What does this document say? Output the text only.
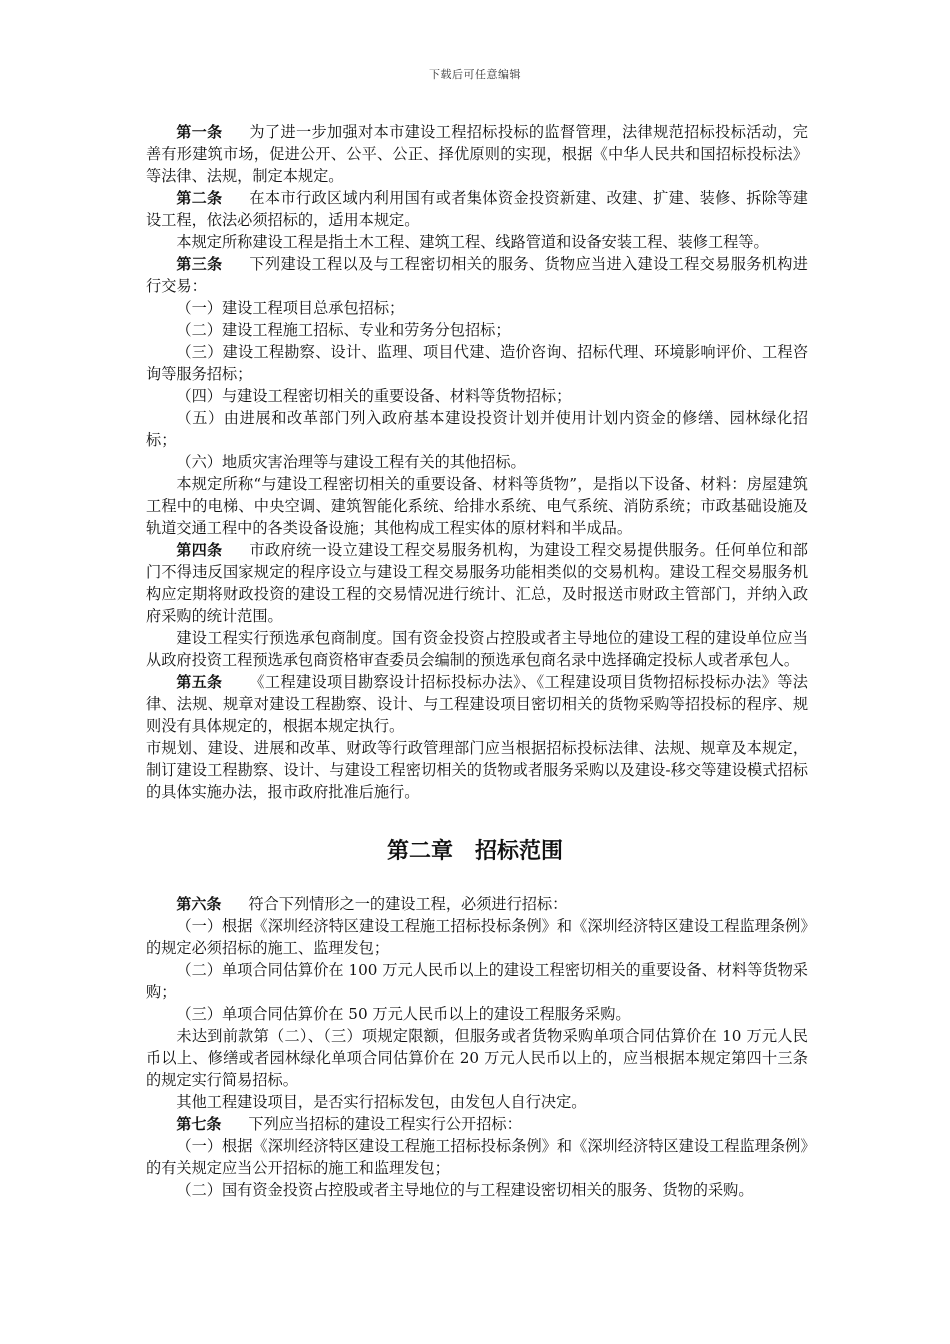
下载后可任意编辑

第一条 为了进一步加强对本市建设工程招标投标的监督管理，法律规范招标投标活动，完善有形建筑市场，促进公开、公平、公正、择优原则的实现，根据《中华人民共和国招标投标法》等法律、法规，制定本规定。

第二条 在本市行政区域内利用国有或者集体资金投资新建、改建、扩建、装修、拆除等建设工程，依法必须招标的，适用本规定。

本规定所称建设工程是指土木工程、建筑工程、线路管道和设备安装工程、装修工程等。

第三条 下列建设工程以及与工程密切相关的服务、货物应当进入建设工程交易服务机构进行交易：

（一）建设工程项目总承包招标；

（二）建设工程施工招标、专业和劳务分包招标；

（三）建设工程勘察、设计、监理、项目代建、造价咨询、招标代理、环境影响评价、工程咨询等服务招标；

（四）与建设工程密切相关的重要设备、材料等货物招标；

（五）由进展和改革部门列入政府基本建设投资计划并使用计划内资金的修缮、园林绿化招标；

（六）地质灾害治理等与建设工程有关的其他招标。

本规定所称“与建设工程密切相关的重要设备、材料等货物”，是指以下设备、材料：房屋建筑工程中的电梯、中央空调、建筑智能化系统、给排水系统、电气系统、消防系统；市政基础设施及轨道交通工程中的各类设备设施；其他构成工程实体的原材料和半成品。

第四条 市政府统一设立建设工程交易服务机构，为建设工程交易提供服务。任何单位和部门不得违反国家规定的程序设立与建设工程交易服务功能相类似的交易机构。建设工程交易服务机构应定期将财政投资的建设工程的交易情况进行统计、汇总，及时报送市财政主管部门，并纳入政府采购的统计范围。

建设工程实行预选承包商制度。国有资金投资占控股或者主导地位的建设工程的建设单位应当从政府投资工程预选承包商资格审查委员会编制的预选承包商名录中选择确定投标人或者承包人。

第五条 《工程建设项目勘察设计招标投标办法》、《工程建设项目货物招标投标办法》等法律、法规、规章对建设工程勘察、设计、与工程建设项目密切相关的货物采购等招投标的程序、规则没有具体规定的，根据本规定执行。

市规划、建设、进展和改革、财政等行政管理部门应当根据招标投标法律、法规、规章及本规定，制订建设工程勘察、设计、与建设工程密切相关的货物或者服务采购以及建设-移交等建设模式招标的具体实施办法，报市政府批准后施行。

第二章　招标范围

第六条 符合下列情形之一的建设工程，必须进行招标：

（一）根据《深圳经济特区建设工程施工招标投标条例》和《深圳经济特区建设工程监理条例》的规定必须招标的施工、监理发包；

（二）单项合同估算价在 100 万元人民币以上的建设工程密切相关的重要设备、材料等货物采购；

（三）单项合同估算价在 50 万元人民币以上的建设工程服务采购。

未达到前款第（二）、（三）项规定限额，但服务或者货物采购单项合同估算价在 10 万元人民币以上、修缮或者园林绿化单项合同估算价在 20 万元人民币以上的，应当根据本规定第四十三条的规定实行简易招标。

其他工程建设项目，是否实行招标发包，由发包人自行决定。

第七条 下列应当招标的建设工程实行公开招标：

（一）根据《深圳经济特区建设工程施工招标投标条例》和《深圳经济特区建设工程监理条例》的有关规定应当公开招标的施工和监理发包；

（二）国有资金投资占控股或者主导地位的与工程建设密切相关的服务、货物的采购。
